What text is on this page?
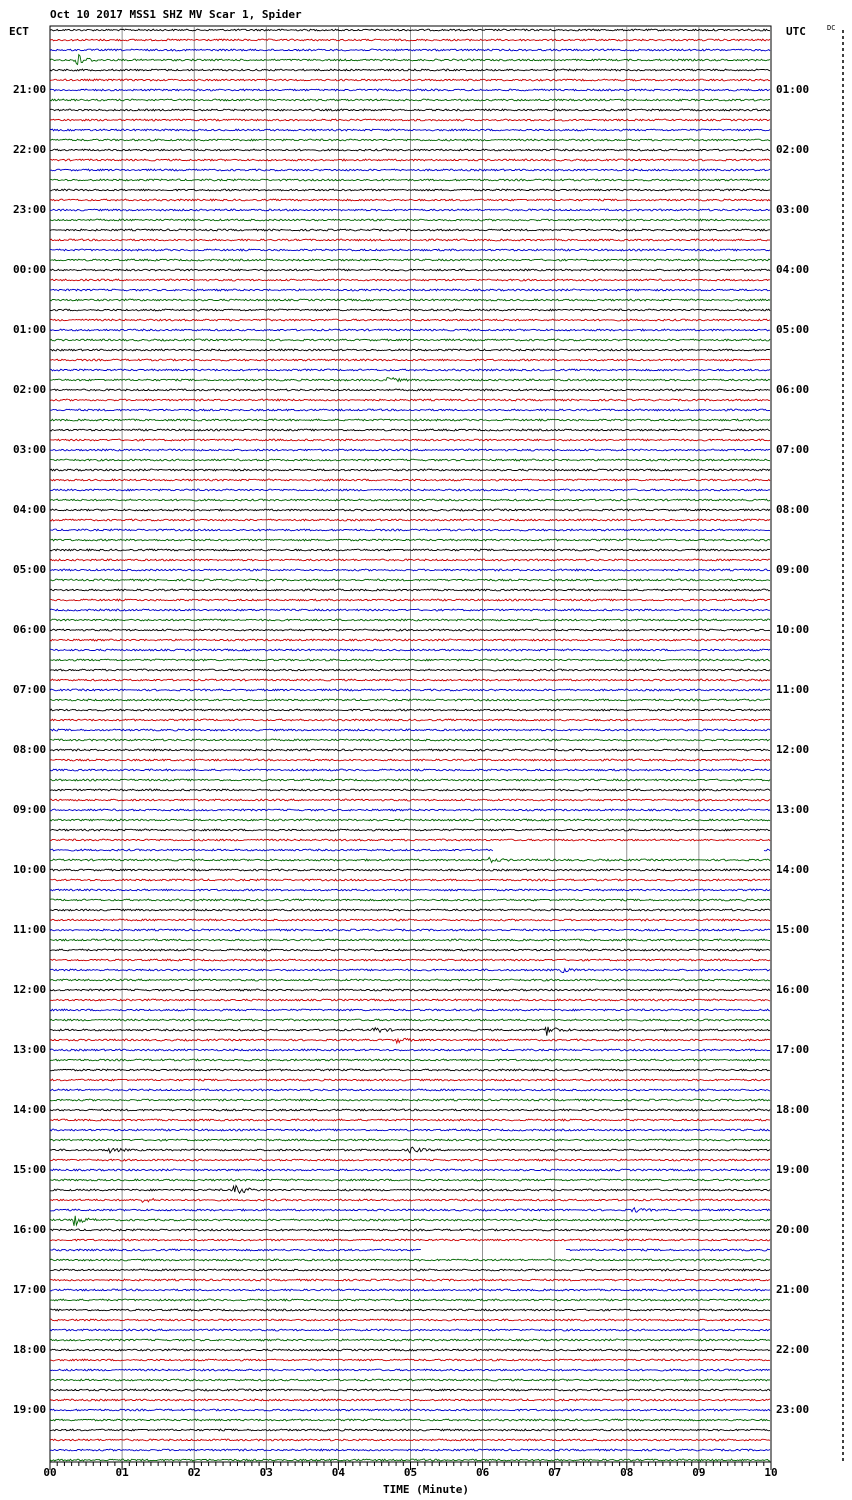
Oct 10 2017 MSS1 SHZ MV Scar 1, Spider
ECT	UTC	DC
21:00
22:00
23:00
00:00
01:00
02:00
03:00
04:00
05:00
06:00
07:00
08:00
09:00
10:00
11:00
12:00
13:00
14:00
15:00
16:00
17:00
18:00
19:00
01:00
02:00
03:00
04:00
05:00
06:00
07:00
08:00
09:00
10:00
11:00
12:00
13:00
14:00
15:00
16:00
17:00
18:00
19:00
20:00
21:00
22:00
23:00
00	01	02	03	04	05	06	07	08	09	10
TIME (Minute)
